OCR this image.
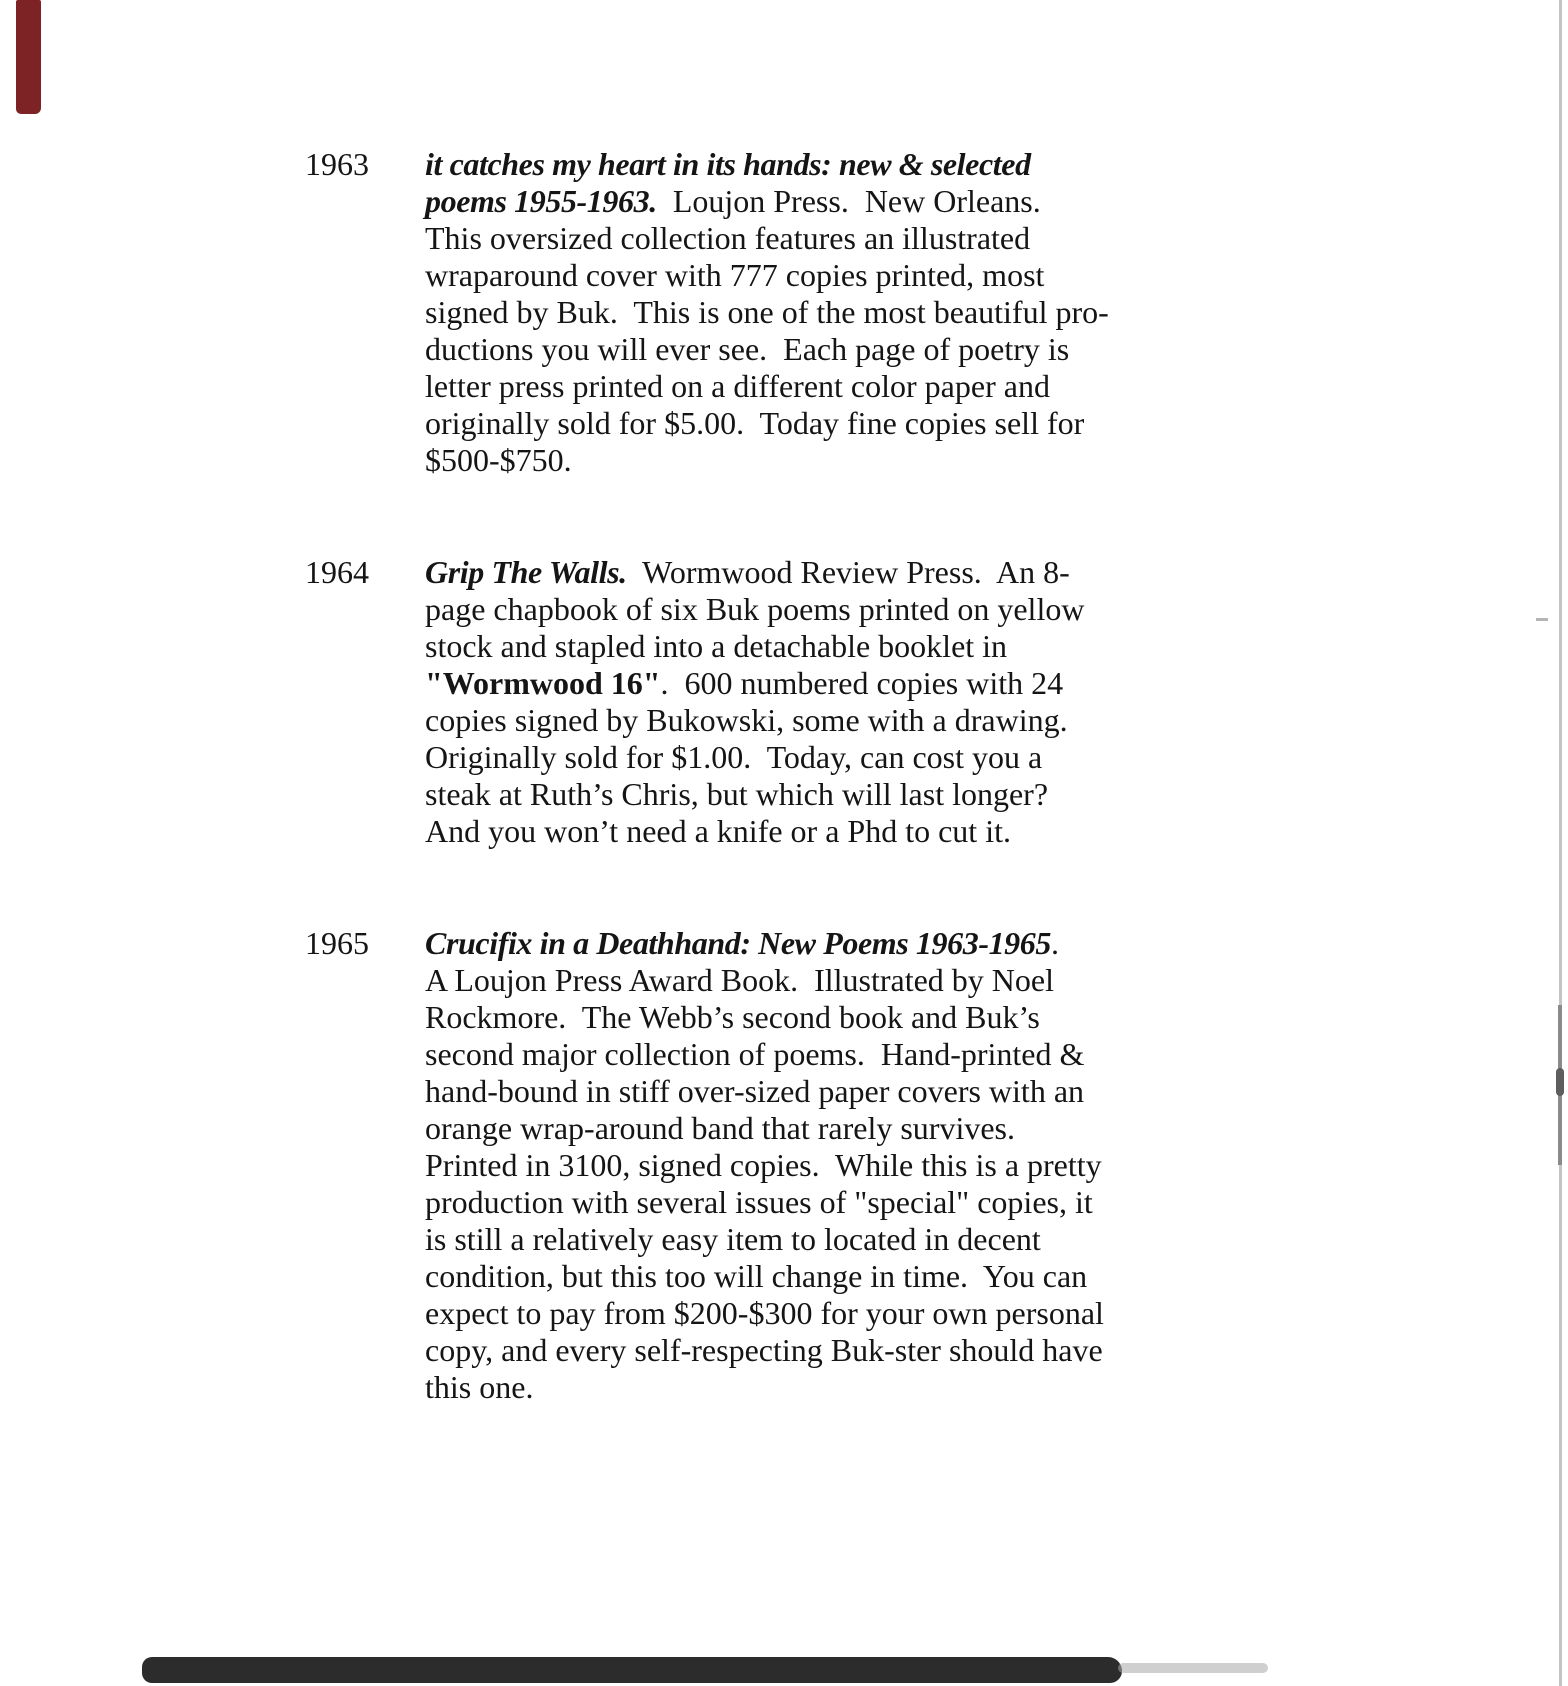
1963	it catches my heart in its hands: new & selected
poems 1955-1963.  Loujon Press.  New Orleans.
This oversized collection features an illustrated
wraparound cover with 777 copies printed, most
signed by Buk.  This is one of the most beautiful pro-
ductions you will ever see.  Each page of poetry is
letter press printed on a different color paper and
originally sold for $5.00.  Today fine copies sell for
$500-$750.
1964	Grip The Walls.  Wormwood Review Press.  An 8-
page chapbook of six Buk poems printed on yellow
stock and stapled into a detachable booklet in
"Wormwood 16".  600 numbered copies with 24
copies signed by Bukowski, some with a drawing.
Originally sold for $1.00.  Today, can cost you a
steak at Ruth’s Chris, but which will last longer?
And you won’t need a knife or a Phd to cut it.
1965	Crucifix in a Deathhand: New Poems 1963-1965.
A Loujon Press Award Book.  Illustrated by Noel
Rockmore.  The Webb’s second book and Buk’s
second major collection of poems.  Hand-printed &
hand-bound in stiff over-sized paper covers with an
orange wrap-around band that rarely survives.
Printed in 3100, signed copies.  While this is a pretty
production with several issues of "special" copies, it
is still a relatively easy item to located in decent
condition, but this too will change in time.  You can
expect to pay from $200-$300 for your own personal
copy, and every self-respecting Buk-ster should have
this one.
